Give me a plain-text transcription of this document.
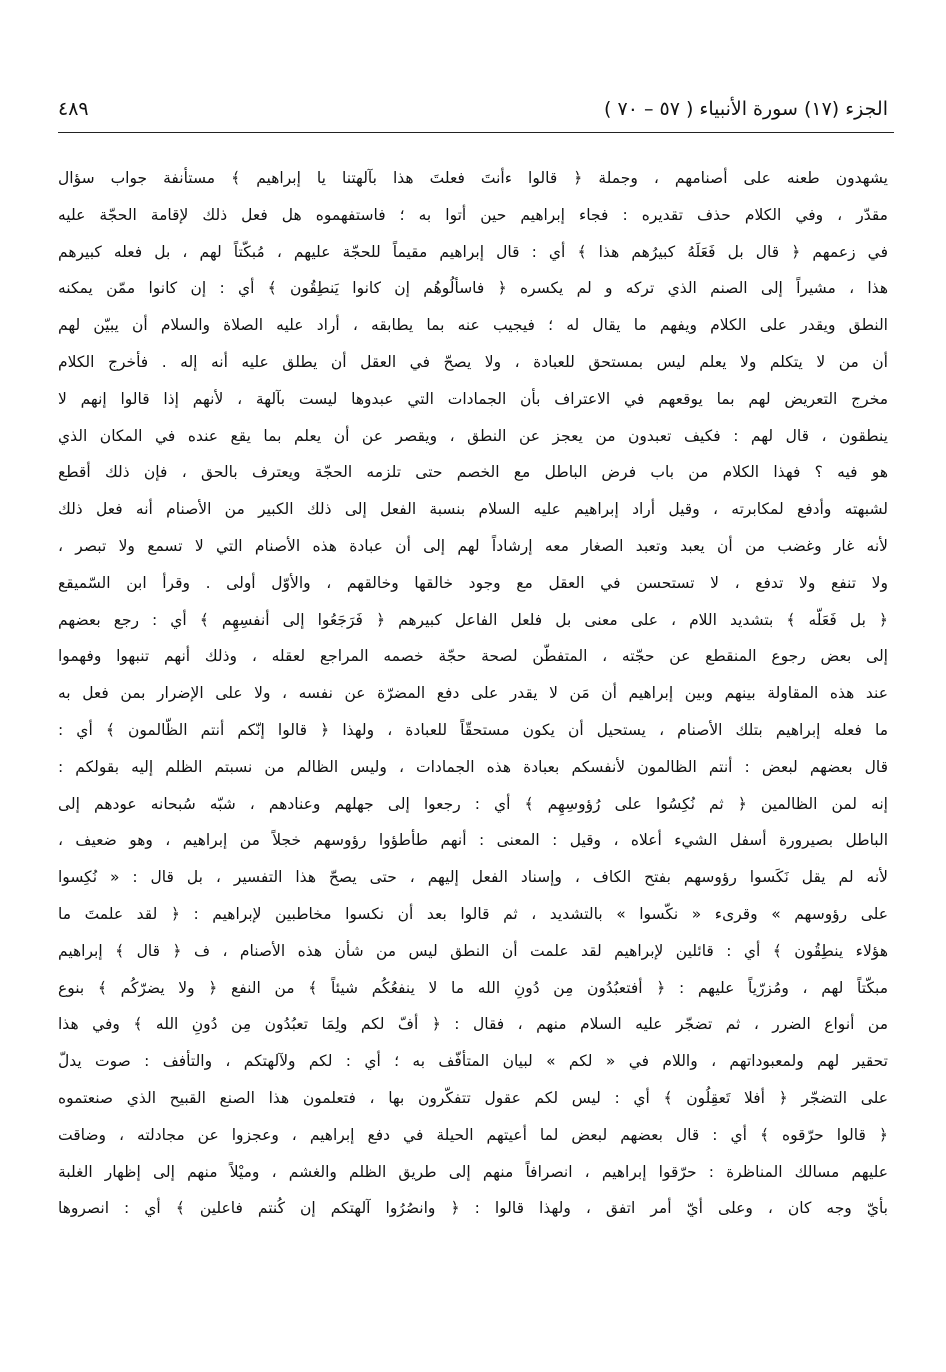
الجزء (١٧) سورة الأنبياء ( ٥٧ – ٧٠ )
٤٨٩
يشهدون طعنه على أصنامهم ، وجملة ﴿ قالوا ءأنتَ فعلتَ هذا بآلهتنا يا إبراهيم ﴾ مستأنفة جواب سؤال
مقدّر ، وفي الكلام حذف تقديره : فجاء إبراهيم حين أتوا به ؛ فاستفهموه هل فعل ذلك لإقامة الحجّة عليه
في زعمهم ﴿ قال بل فَعَلَهُ كبيرُهم هذا ﴾ أي : قال إبراهيم مقيماً للحجّة عليهم ، مُبكّتاً لهم ، بل فعله كبيرهم
هذا ، مشيراً إلى الصنم الذي تركه و لم يكسره ﴿ فاسألُوهُم إن كانوا يَنطِقُون ﴾ أي : إن كانوا ممّن يمكنه
النطق ويقدر على الكلام ويفهم ما يقال له ؛ فيجيب عنه بما يطابقه ، أراد عليه الصلاة والسلام أن يبيّن لهم
أن من لا يتكلم ولا يعلم ليس بمستحق للعبادة ، ولا يصحّ في العقل أن يطلق عليه أنه إله . فأخرج الكلام
مخرج التعريض لهم بما يوقعهم في الاعتراف بأن الجمادات التي عبدوها ليست بآلهة ، لأنهم إذا قالوا إنهم لا
ينطقون ، قال لهم : فكيف تعبدون من يعجز عن النطق ، ويقصر عن أن يعلم بما يقع عنده في المكان الذي
هو فيه ؟ فهذا الكلام من باب فرض الباطل مع الخصم حتى تلزمه الحجّة ويعترف بالحق ، فإن ذلك أقطع
لشبهته وأدفع لمكابرته ، وقيل أراد إبراهيم عليه السلام بنسبة الفعل إلى ذلك الكبير من الأصنام أنه فعل ذلك
لأنه غار وغضب من أن يعبد وتعبد الصغار معه إرشاداً لهم إلى أن عبادة هذه الأصنام التي لا تسمع ولا تبصر ،
ولا تنفع ولا تدفع ، لا تستحسن في العقل مع وجود خالقها وخالقهم ، والأوّل أولى . وقرأ ابن السّميقع
﴿ بل فَعَلّه ﴾ بتشديد اللام ، على معنى بل فلعل الفاعل كبيرهم ﴿ فَرَجَعُوا إلى أنفسِهِم ﴾ أي : رجع بعضهم
إلى بعض رجوع المنقطع عن حجّته ، المتفطّن لصحة حجّة خصمه المراجع لعقله ، وذلك أنهم تنبهوا وفهموا
عند هذه المقاولة بينهم وبين إبراهيم أن مَن لا يقدر على دفع المضرّة عن نفسه ، ولا على الإضرار بمن فعل به
ما فعله إبراهيم بتلك الأصنام ، يستحيل أن يكون مستحقّاً للعبادة ، ولهذا ﴿ قالوا إنّكم أنتم الظّالمون ﴾ أي :
قال بعضهم لبعض : أنتم الظالمون لأنفسكم بعبادة هذه الجمادات ، وليس الظالم من نسبتم الظلم إليه بقولكم :
إنه لمن الظالمين ﴿ ثم نُكِسُوا على رُؤوسِهِم ﴾ أي : رجعوا إلى جهلهم وعنادهم ، شبّه سُبحانه عودهم إلى
الباطل بصيرورة أسفل الشيء أعلاه ، وقيل : المعنى : أنهم طأطؤوا رؤوسهم خجلاً من إبراهيم ، وهو ضعيف ،
لأنه لم يقل نَكَسوا رؤوسهم بفتح الكاف ، وإسناد الفعل إليهم ، حتى يصحّ هذا التفسير ، بل قال : « نُكِسوا
على رؤوسهم » وقرىء « نكّسوا » بالتشديد ، ثم قالوا بعد أن نكسوا مخاطبين لإبراهيم : ﴿ لقد علمتَ ما
هؤلاء ينطِقُون ﴾ أي : قائلين لإبراهيم لقد علمت أن النطق ليس من شأن هذه الأصنام ، ف ﴿ قال ﴾ إبراهيم
مبكّتاً لهم ، ومُزرّياً عليهم : ﴿ أفتعبُدُون مِن دُونِ الله ما لا ينفعُكُم شيئاً ﴾ من النفع ﴿ ولا يضرّكُم ﴾ بنوع
من أنواع الضرر ، ثم تضجّر عليه السلام منهم ، فقال : ﴿ أفّ لكم ولِمَا تعبُدُون مِن دُونِ الله ﴾ وفي هذا
تحقير لهم ولمعبوداتهم ، واللام في « لكم » لبيان المتأفّف به ؛ أي : لكم ولآلهتكم ، والتأفف : صوت يدلّ
على التضجّر ﴿ أفلا تَعقِلُون ﴾ أي : ليس لكم عقول تتفكّرون بها ، فتعلمون هذا الصنع القبيح الذي صنعتموه
﴿ قالوا حرّقوه ﴾ أي : قال بعضهم لبعض لما أعيتهم الحيلة في دفع إبراهيم ، وعجزوا عن مجادلته ، وضاقت
عليهم مسالك المناظرة : حرّقوا إبراهيم ، انصرافاً منهم إلى طريق الظلم والغشم ، وميْلاً منهم إلى إظهار الغلبة
بأيّ وجه كان ، وعلى أيّ أمر اتفق ، ولهذا قالوا : ﴿ وانصُرُوا آلهتكم إن كُنتم فاعلين ﴾ أي : انصروها
